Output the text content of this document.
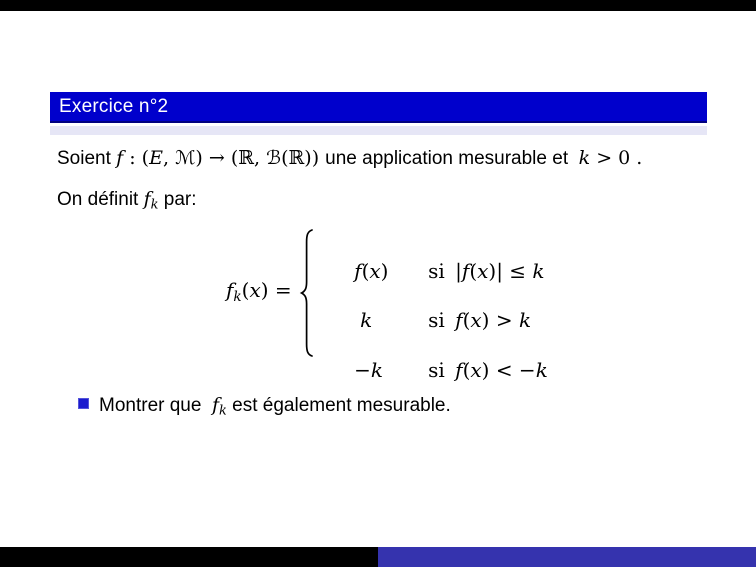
Exercice n°2

Soient f : (E, ℳ) → (ℝ, ℬ(ℝ)) une application mesurable et  k > 0 .

On définit fk par:

fk(x) =

f(x) si |f(x)| ≤ k

k	si f(x) > k

−k si f(x) < −k

Montrer que  fk est également mesurable.
